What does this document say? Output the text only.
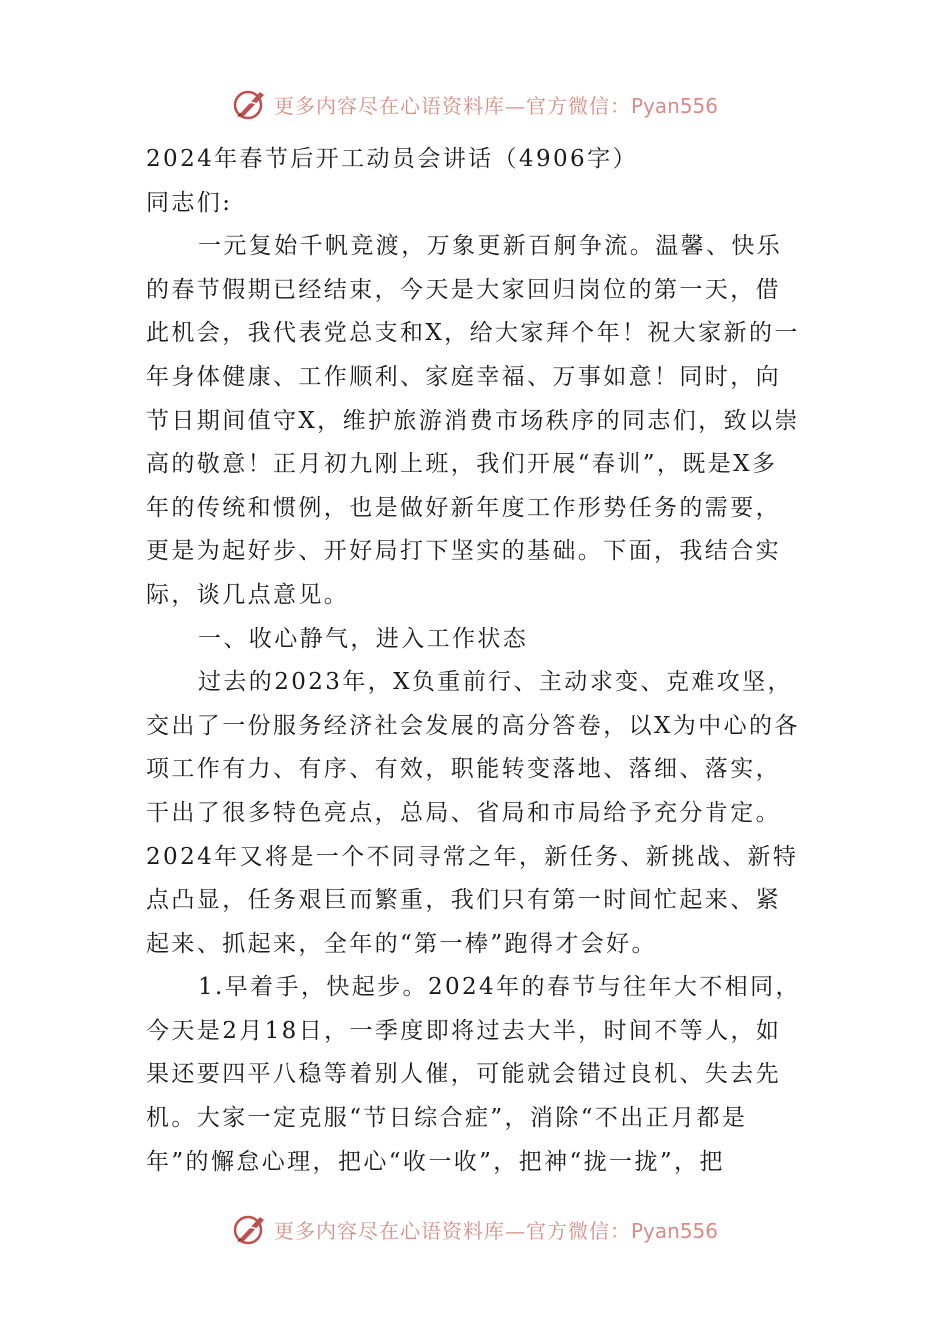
更多内容尽在心语资料库—官方微信：Pyan556

2024年春节后开工动员会讲话（4906字）

同志们:

一元复始千帆竞渡，万象更新百舸争流。温馨、快乐

的春节假期已经结束，今天是大家回归岗位的第一天，借

此机会，我代表党总支和X，给大家拜个年！祝大家新的一

年身体健康、工作顺利、家庭幸福、万事如意！同时，向

节日期间值守X，维护旅游消费市场秩序的同志们，致以崇

高的敬意！正月初九刚上班，我们开展“春训”，既是X多

年的传统和惯例，也是做好新年度工作形势任务的需要，

更是为起好步、开好局打下坚实的基础。下面，我结合实

际，谈几点意见。

一、收心静气，进入工作状态

过去的2023年，X负重前行、主动求变、克难攻坚，

交出了一份服务经济社会发展的高分答卷，以X为中心的各

项工作有力、有序、有效，职能转变落地、落细、落实，

干出了很多特色亮点，总局、省局和市局给予充分肯定。

2024年又将是一个不同寻常之年，新任务、新挑战、新特

点凸显，任务艰巨而繁重，我们只有第一时间忙起来、紧

起来、抓起来，全年的“第一棒”跑得才会好。

1.早着手，快起步。2024年的春节与往年大不相同，

今天是2月18日，一季度即将过去大半，时间不等人，如

果还要四平八稳等着别人催，可能就会错过良机、失去先

机。大家一定克服“节日综合症”，消除“不出正月都是

年”的懈怠心理，把心“收一收”，把神“拢一拢”，把

更多内容尽在心语资料库—官方微信：Pyan556
